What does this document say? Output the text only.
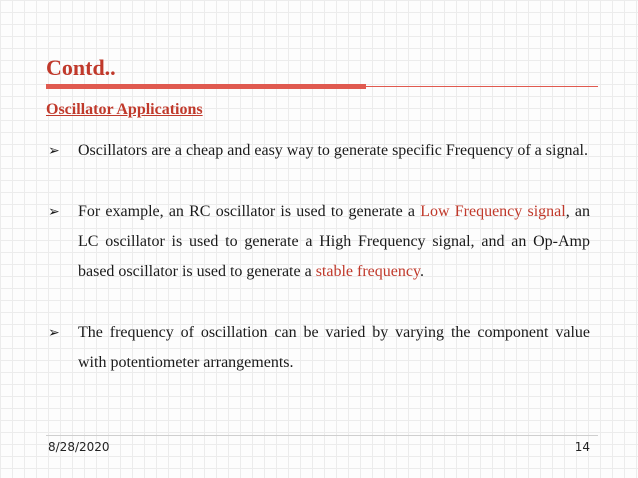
Contd..
Oscillator Applications
➢ Oscillators are a cheap and easy way to generate specific Frequency of a signal.
➢ For example, an RC oscillator is used to generate a Low Frequency signal, an LC oscillator is used to generate a High Frequency signal, and an Op-Amp based oscillator is used to generate a stable frequency.
➢ The frequency of oscillation can be varied by varying the component value with potentiometer arrangements.
8/28/2020	14
